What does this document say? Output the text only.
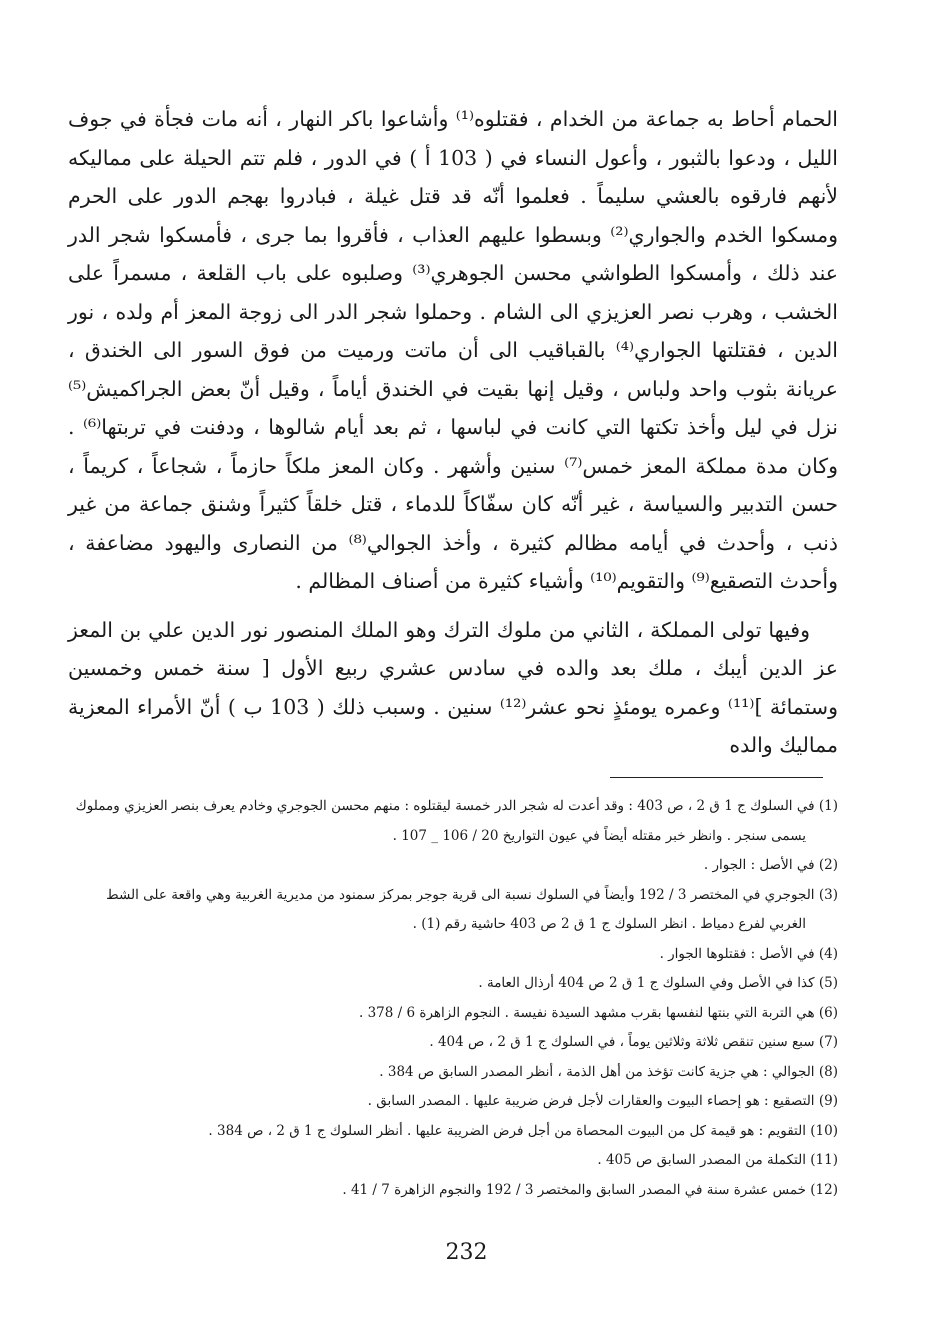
الحمام أحاط به جماعة من الخدام ، فقتلوه⁽¹⁾ وأشاعوا باكر النهار ، أنه مات فجأة في جوف الليل ، ودعوا بالثبور ، وأعول النساء في ( 103 أ ) في الدور ، فلم تتم الحيلة على مماليكه لأنهم فارقوه بالعشي سليماً . فعلموا أنّه قد قتل غيلة ، فبادروا بهجم الدور على الحرم ومسكوا الخدم والجواري⁽²⁾ وبسطوا عليهم العذاب ، فأقروا بما جرى ، فأمسكوا شجر الدر عند ذلك ، وأمسكوا الطواشي محسن الجوهري⁽³⁾ وصلبوه على باب القلعة ، مسمراً على الخشب ، وهرب نصر العزيزي الى الشام . وحملوا شجر الدر الى زوجة المعز أم ولده ، نور الدين ، فقتلتها الجواري⁽⁴⁾ بالقباقيب الى أن ماتت ورميت من فوق السور الى الخندق ، عريانة بثوب واحد ولباس ، وقيل إنها بقيت في الخندق أياماً ، وقيل أنّ بعض الجراكميش⁽⁵⁾ نزل في ليل وأخذ تكتها التي كانت في لباسها ، ثم بعد أيام شالوها ، ودفنت في تربتها⁽⁶⁾ . وكان مدة مملكة المعز خمس⁽⁷⁾ سنين وأشهر . وكان المعز ملكاً حازماً ، شجاعاً ، كريماً ، حسن التدبير والسياسة ، غير أنّه كان سفّاكاً للدماء ، قتل خلقاً كثيراً وشنق جماعة من غير ذنب ، وأحدث في أيامه مظالم كثيرة ، وأخذ الجوالي⁽⁸⁾ من النصارى واليهود مضاعفة ، وأحدث التصقيع⁽⁹⁾ والتقويم⁽¹⁰⁾ وأشياء كثيرة من أصناف المظالم .

وفيها تولى المملكة ، الثاني من ملوك الترك وهو الملك المنصور نور الدين علي بن المعز عز الدين أيبك ، ملك بعد والده في سادس عشري ربيع الأول [ سنة خمس وخمسين وستمائة ]⁽¹¹⁾ وعمره يومئذٍ نحو عشر⁽¹²⁾ سنين . وسبب ذلك ( 103 ب ) أنّ الأمراء المعزية مماليك والده

(1) في السلوك ج 1 ق 2 ، ص 403 : وقد أعدت له شجر الدر خمسة ليقتلوه : منهم محسن الجوجري وخادم يعرف بنصر العزيزي ومملوك يسمى سنجر . وانظر خبر مقتله أيضاً في عيون التواريخ 20 / 106 _ 107 .
(2) في الأصل : الجوار .
(3) الجوجري في المختصر 3 / 192 وأيضاً في السلوك نسبة الى قرية جوجر بمركز سمنود من مديرية الغربية وهي واقعة على الشط الغربي لفرع دمياط . انظر السلوك ج 1 ق 2 ص 403 حاشية رقم (1) .
(4) في الأصل : فقتلوها الجوار .
(5) كذا في الأصل وفي السلوك ج 1 ق 2 ص 404 أرذال العامة .
(6) هي التربة التي بنتها لنفسها بقرب مشهد السيدة نفيسة . النجوم الزاهرة 6 / 378 .
(7) سبع سنين تنقص ثلاثة وثلاثين يوماً ، في السلوك ج 1 ق 2 ، ص 404 .
(8) الجوالي : هي جزية كانت تؤخذ من أهل الذمة ، أنظر المصدر السابق ص 384 .
(9) التصقيع : هو إحصاء البيوت والعقارات لأجل فرض ضريبة عليها . المصدر السابق .
(10) التقويم : هو قيمة كل من البيوت المحصاة من أجل فرض الضريبة عليها . أنظر السلوك ج 1 ق 2 ، ص 384 .
(11) التكملة من المصدر السابق ص 405 .
(12) خمس عشرة سنة في المصدر السابق والمختصر 3 / 192 والنجوم الزاهرة 7 / 41 .
232
